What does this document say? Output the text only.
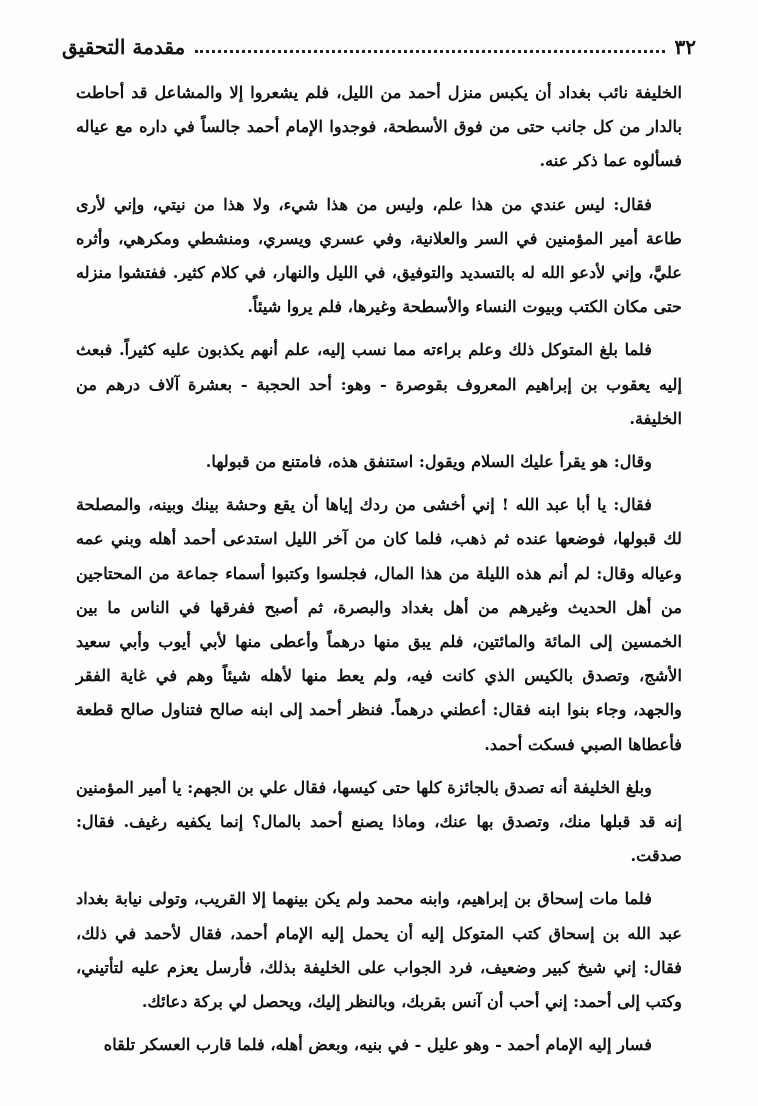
٣٢
مقدمة التحقيق

الخليفة نائب بغداد أن يكبس منزل أحمد من الليل، فلم يشعروا إلا والمشاعل قد أحاطت بالدار من كل جانب حتى من فوق الأسطحة، فوجدوا الإمام أحمد جالساً في داره مع عياله فسألوه عما ذكر عنه.

فقال: ليس عندي من هذا علم، وليس من هذا شيء، ولا هذا من نيتي، وإني لأرى طاعة أمير المؤمنين في السر والعلانية، وفي عسري ويسري، ومنشطي ومكرهي، وأثره عليَّ، وإني لأدعو الله له بالتسديد والتوفيق، في الليل والنهار، في كلام كثير. ففتشوا منزله حتى مكان الكتب وبيوت النساء والأسطحة وغيرها، فلم يروا شيئاً.

فلما بلغ المتوكل ذلك وعلم براءته مما نسب إليه، علم أنهم يكذبون عليه كثيراً. فبعث إليه يعقوب بن إبراهيم المعروف بقوصرة - وهو: أحد الحجبة - بعشرة آلاف درهم من الخليفة.

وقال: هو يقرأ عليك السلام ويقول: استنفق هذه، فامتنع من قبولها.

فقال: يا أبا عبد الله ! إني أخشى من ردك إياها أن يقع وحشة بينك وبينه، والمصلحة لك قبولها، فوضعها عنده ثم ذهب، فلما كان من آخر الليل استدعى أحمد أهله وبني عمه وعياله وقال: لم أنم هذه الليلة من هذا المال، فجلسوا وكتبوا أسماء جماعة من المحتاجين من أهل الحديث وغيرهم من أهل بغداد والبصرة، ثم أصبح ففرقها في الناس ما بين الخمسين إلى المائة والمائتين، فلم يبق منها درهماً وأعطى منها لأبي أيوب وأبي سعيد الأشج، وتصدق بالكيس الذي كانت فيه، ولم يعط منها لأهله شيئاً وهم في غاية الفقر والجهد، وجاء بنوا ابنه فقال: أعطني درهماً. فنظر أحمد إلى ابنه صالح فتناول صالح قطعة فأعطاها الصبي فسكت أحمد.

وبلغ الخليفة أنه تصدق بالجائزة كلها حتى كيسها، فقال علي بن الجهم: يا أمير المؤمنين إنه قد قبلها منك، وتصدق بها عنك، وماذا يصنع أحمد بالمال؟ إنما يكفيه رغيف. فقال: صدقت.

فلما مات إسحاق بن إبراهيم، وابنه محمد ولم يكن بينهما إلا القريب، وتولى نيابة بغداد عبد الله بن إسحاق كتب المتوكل إليه أن يحمل إليه الإمام أحمد، فقال لأحمد في ذلك، فقال: إني شيخ كبير وضعيف، فرد الجواب على الخليفة بذلك، فأرسل يعزم عليه لتأتيني، وكتب إلى أحمد: إني أحب أن آنس بقربك، وبالنظر إليك، ويحصل لي بركة دعائك.

فسار إليه الإمام أحمد - وهو عليل - في بنيه، وبعض أهله، فلما قارب العسكر تلقاه
